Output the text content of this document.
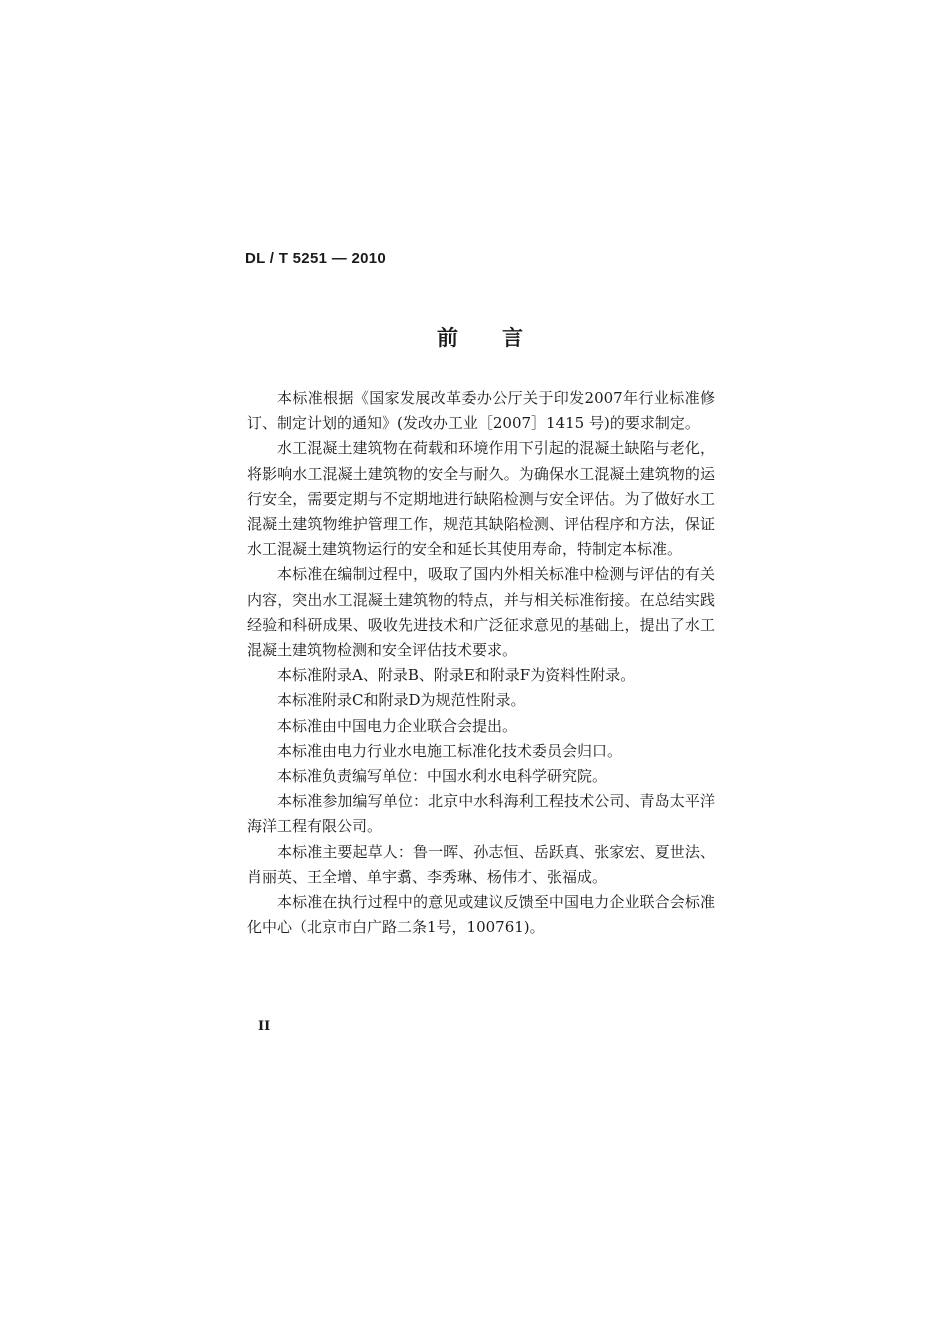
DL / T 5251 — 2010
前言

本标准根据《国家发展改革委办公厅关于印发2007年行业标准修订、制定计划的通知》(发改办工业［2007］1415 号)的要求制定。

水工混凝土建筑物在荷载和环境作用下引起的混凝土缺陷与老化，将影响水工混凝土建筑物的安全与耐久。为确保水工混凝土建筑物的运行安全，需要定期与不定期地进行缺陷检测与安全评估。为了做好水工混凝土建筑物维护管理工作，规范其缺陷检测、评估程序和方法，保证水工混凝土建筑物运行的安全和延长其使用寿命，特制定本标准。

本标准在编制过程中，吸取了国内外相关标准中检测与评估的有关内容，突出水工混凝土建筑物的特点，并与相关标准衔接。在总结实践经验和科研成果、吸收先进技术和广泛征求意见的基础上，提出了水工混凝土建筑物检测和安全评估技术要求。

本标准附录A、附录B、附录E和附录F为资料性附录。

本标准附录C和附录D为规范性附录。

本标准由中国电力企业联合会提出。

本标准由电力行业水电施工标准化技术委员会归口。

本标准负责编写单位：中国水利水电科学研究院。

本标准参加编写单位：北京中水科海利工程技术公司、青岛太平洋海洋工程有限公司。

本标准主要起草人：鲁一晖、孙志恒、岳跃真、张家宏、夏世法、肖丽英、王全增、单宇翥、李秀琳、杨伟才、张福成。

本标准在执行过程中的意见或建议反馈至中国电力企业联合会标准化中心（北京市白广路二条1号，100761)。

II
